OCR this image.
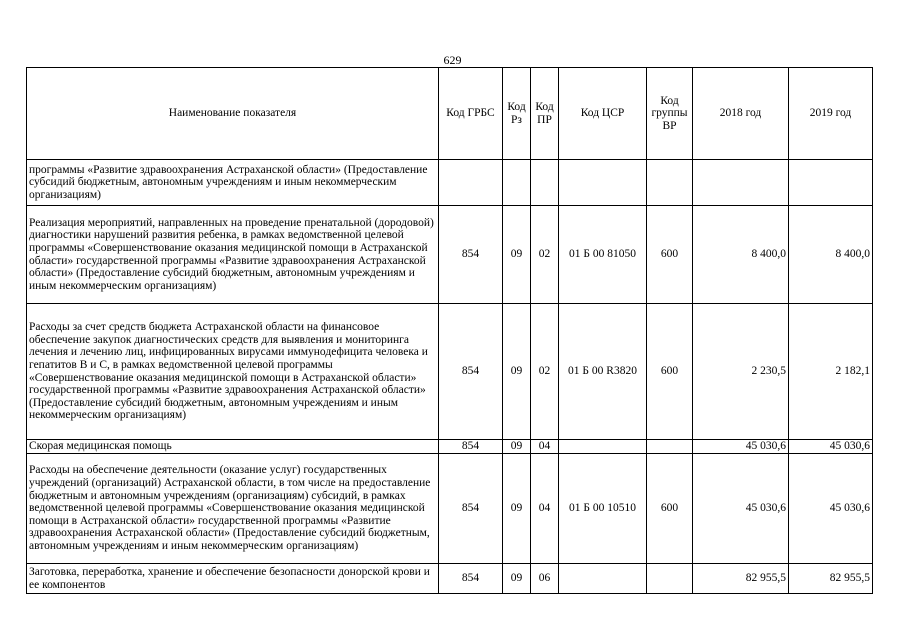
629
Наименование показателя	Код ГРБС	Код Рз	Код ПР	Код ЦСР	Код группы ВР	2018 год	2019 год
программы «Развитие здравоохранения Астраханской области» (Предоставление субсидий бюджетным, автономным учреждениям и иным некоммерческим организациям)							
Реализация мероприятий, направленных на проведение пренатальной (дородовой) диагностики нарушений развития ребенка, в рамках ведомственной целевой программы «Совершенствование оказания медицинской помощи в Астраханской области» государственной программы «Развитие здравоохранения Астраханской области» (Предоставление субсидий бюджетным, автономным учреждениям и иным некоммерческим организациям)	854	09	02	01 Б 00 81050	600	8 400,0	8 400,0
Расходы за счет средств бюджета Астраханской области на финансовое обеспечение закупок диагностических средств для выявления и мониторинга лечения и лечению лиц, инфицированных вирусами иммунодефицита человека и гепатитов В и С, в рамках ведомственной целевой программы «Совершенствование оказания медицинской помощи в Астраханской области» государственной программы «Развитие здравоохранения Астраханской области» (Предоставление субсидий бюджетным, автономным учреждениям и иным некоммерческим организациям)	854	09	02	01 Б 00 R3820	600	2 230,5	2 182,1
Скорая медицинская помощь	854	09	04			45 030,6	45 030,6
Расходы на обеспечение деятельности (оказание услуг) государственных учреждений (организаций) Астраханской области, в том числе на предоставление бюджетным и автономным учреждениям (организациям) субсидий, в рамках ведомственной целевой программы «Совершенствование оказания медицинской помощи в Астраханской области» государственной программы «Развитие здравоохранения Астраханской области» (Предоставление субсидий бюджетным, автономным учреждениям и иным некоммерческим организациям)	854	09	04	01 Б 00 10510	600	45 030,6	45 030,6
Заготовка, переработка, хранение и обеспечение безопасности донорской крови и ее компонентов	854	09	06			82 955,5	82 955,5
